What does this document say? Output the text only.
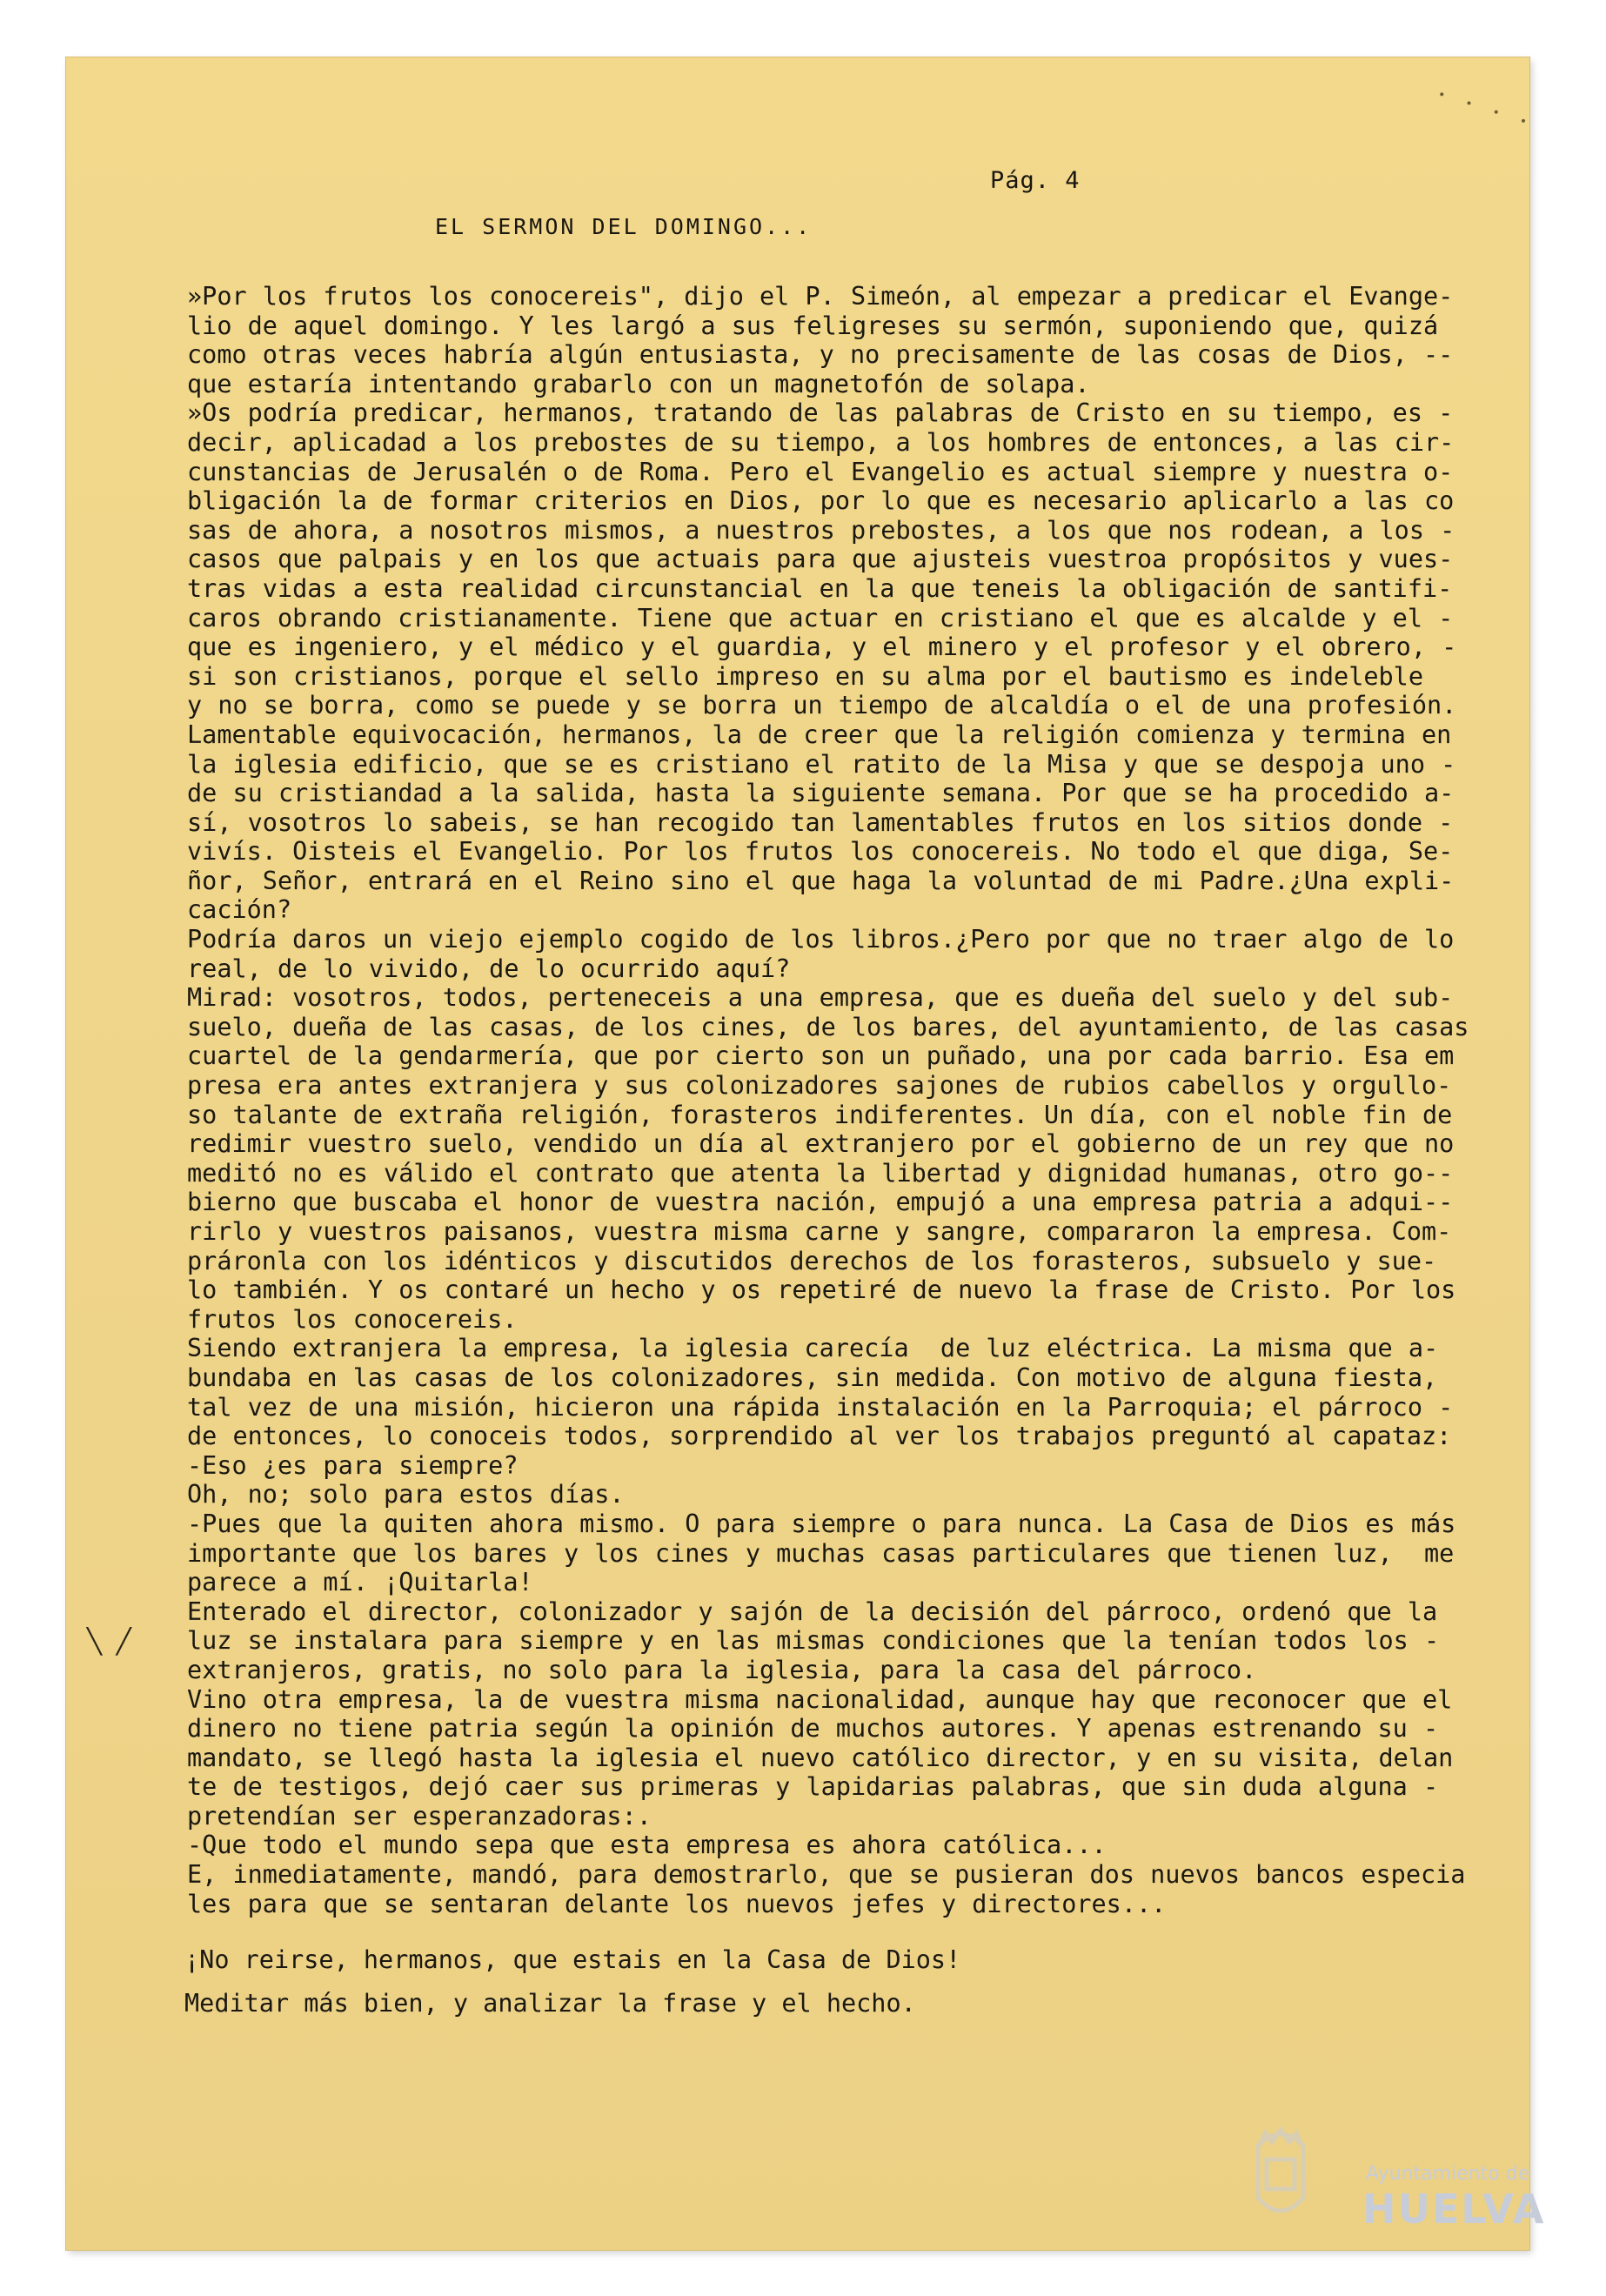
• • • •
Pág. 4
EL SERMON DEL DOMINGO...
»Por los frutos los conocereis", dijo el P. Simeón, al empezar a predicar el Evange-
lio de aquel domingo. Y les largó a sus feligreses su sermón, suponiendo que, quizá
como otras veces habría algún entusiasta, y no precisamente de las cosas de Dios, --
que estaría intentando grabarlo con un magnetofón de solapa.
»Os podría predicar, hermanos, tratando de las palabras de Cristo en su tiempo, es -
decir, aplicadad a los prebostes de su tiempo, a los hombres de entonces, a las cir-
cunstancias de Jerusalén o de Roma. Pero el Evangelio es actual siempre y nuestra o-
bligación la de formar criterios en Dios, por lo que es necesario aplicarlo a las co
sas de ahora, a nosotros mismos, a nuestros prebostes, a los que nos rodean, a los -
casos que palpais y en los que actuais para que ajusteis vuestroa propósitos y vues-
tras vidas a esta realidad circunstancial en la que teneis la obligación de santifi-
caros obrando cristianamente. Tiene que actuar en cristiano el que es alcalde y el -
que es ingeniero, y el médico y el guardia, y el minero y el profesor y el obrero, -
si son cristianos, porque el sello impreso en su alma por el bautismo es indeleble
y no se borra, como se puede y se borra un tiempo de alcaldía o el de una profesión.
Lamentable equivocación, hermanos, la de creer que la religión comienza y termina en
la iglesia edificio, que se es cristiano el ratito de la Misa y que se despoja uno -
de su cristiandad a la salida, hasta la siguiente semana. Por que se ha procedido a-
sí, vosotros lo sabeis, se han recogido tan lamentables frutos en los sitios donde -
vivís. Oisteis el Evangelio. Por los frutos los conocereis. No todo el que diga, Se-
ñor, Señor, entrará en el Reino sino el que haga la voluntad de mi Padre.¿Una expli-
cación?
Podría daros un viejo ejemplo cogido de los libros.¿Pero por que no traer algo de lo
real, de lo vivido, de lo ocurrido aquí?
Mirad: vosotros, todos, perteneceis a una empresa, que es dueña del suelo y del sub-
suelo, dueña de las casas, de los cines, de los bares, del ayuntamiento, de las casas
cuartel de la gendarmería, que por cierto son un puñado, una por cada barrio. Esa em
presa era antes extranjera y sus colonizadores sajones de rubios cabellos y orgullo-
so talante de extraña religión, forasteros indiferentes. Un día, con el noble fin de
redimir vuestro suelo, vendido un día al extranjero por el gobierno de un rey que no
meditó no es válido el contrato que atenta la libertad y dignidad humanas, otro go--
bierno que buscaba el honor de vuestra nación, empujó a una empresa patria a adqui--
rirlo y vuestros paisanos, vuestra misma carne y sangre, compararon la empresa. Com-
práronla con los idénticos y discutidos derechos de los forasteros, subsuelo y sue-
lo también. Y os contaré un hecho y os repetiré de nuevo la frase de Cristo. Por los
frutos los conocereis.
Siendo extranjera la empresa, la iglesia carecía  de luz eléctrica. La misma que a-
bundaba en las casas de los colonizadores, sin medida. Con motivo de alguna fiesta,
tal vez de una misión, hicieron una rápida instalación en la Parroquia; el párroco -
de entonces, lo conoceis todos, sorprendido al ver los trabajos preguntó al capataz:
-Eso ¿es para siempre?
Oh, no; solo para estos días.
-Pues que la quiten ahora mismo. O para siempre o para nunca. La Casa de Dios es más
importante que los bares y los cines y muchas casas particulares que tienen luz,  me
parece a mí. ¡Quitarla!
Enterado el director, colonizador y sajón de la decisión del párroco, ordenó que la
luz se instalara para siempre y en las mismas condiciones que la tenían todos los -
extranjeros, gratis, no solo para la iglesia, para la casa del párroco.
Vino otra empresa, la de vuestra misma nacionalidad, aunque hay que reconocer que el
dinero no tiene patria según la opinión de muchos autores. Y apenas estrenando su -
mandato, se llegó hasta la iglesia el nuevo católico director, y en su visita, delan
te de testigos, dejó caer sus primeras y lapidarias palabras, que sin duda alguna -
pretendían ser esperanzadoras:.
-Que todo el mundo sepa que esta empresa es ahora católica...
E, inmediatamente, mandó, para demostrarlo, que se pusieran dos nuevos bancos especia
les para que se sentaran delante los nuevos jefes y directores...
¡No reirse, hermanos, que estais en la Casa de Dios!
Meditar más bien, y analizar la frase y el hecho.
╲ ╱
Ayuntamiento de
HUELVA
